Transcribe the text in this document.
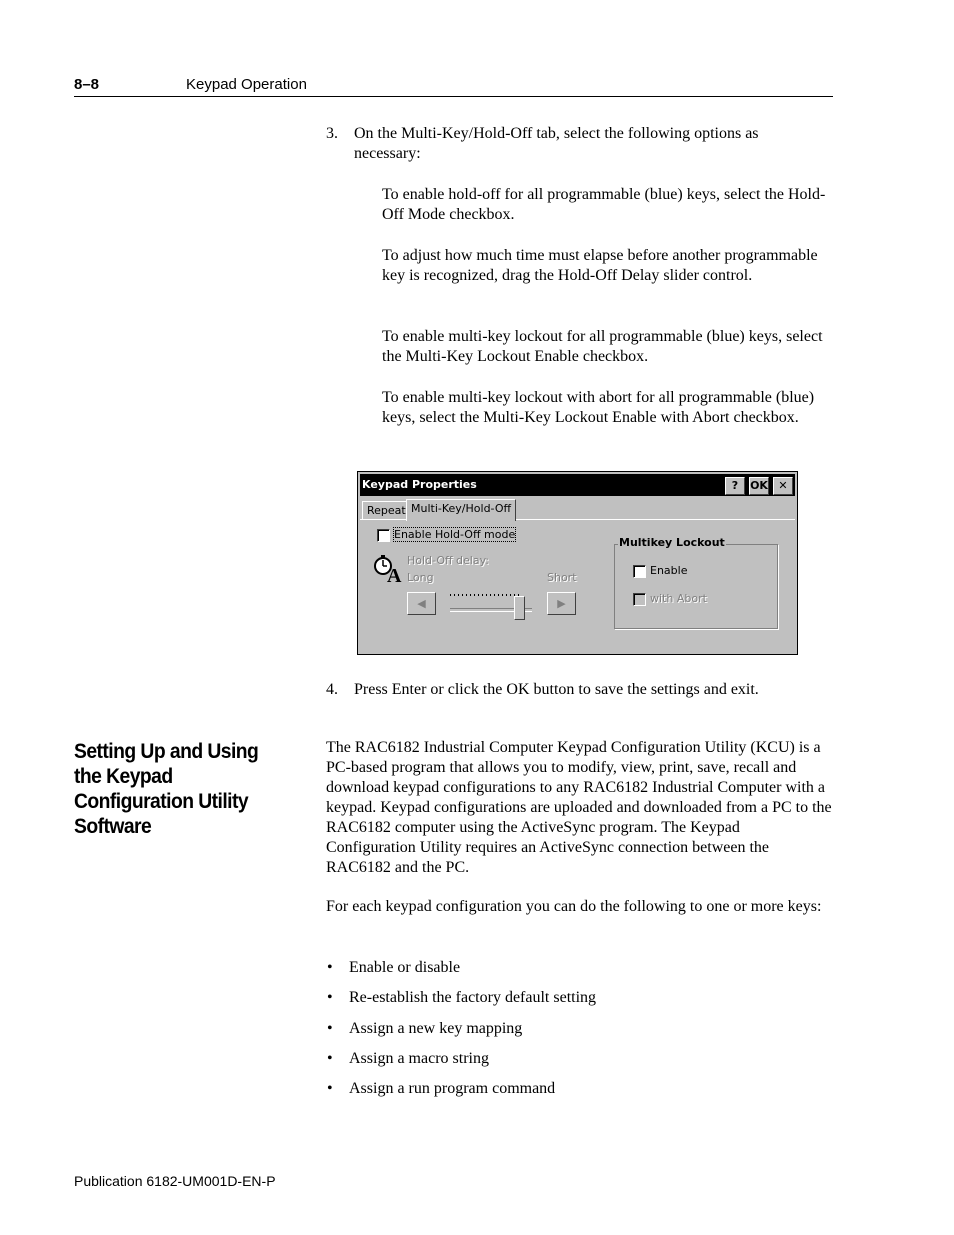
8–8	Keypad Operation
3. On the Multi-Key/Hold-Off tab, select the following options as necessary:
To enable hold-off for all programmable (blue) keys, select the Hold-Off Mode checkbox.
To adjust how much time must elapse before another programmable key is recognized, drag the Hold-Off Delay slider control.
To enable multi-key lockout for all programmable (blue) keys, select the Multi-Key Lockout Enable checkbox.
To enable multi-key lockout with abort for all programmable (blue) keys, select the Multi-Key Lockout Enable with Abort checkbox.
Keypad Properties	?	OK ✕
Repeat Multi-Key/Hold-Off
Enable Hold-Off mode
A
Hold-Off delay:
Long	Short
◀	▶
Multikey Lockout
Enable
with Abort
4. Press Enter or click the OK button to save the settings and exit.
Setting Up and Using the Keypad Configuration Utility Software
The RAC6182 Industrial Computer Keypad Configuration Utility (KCU) is a PC-based program that allows you to modify, view, print, save, recall and download keypad configurations to any RAC6182 Industrial Computer with a keypad. Keypad configurations are uploaded and downloaded from a PC to the RAC6182 computer using the ActiveSync program. The Keypad Configuration Utility requires an ActiveSync connection between the RAC6182 and the PC.
For each keypad configuration you can do the following to one or more keys:
• Enable or disable
• Re-establish the factory default setting
• Assign a new key mapping
• Assign a macro string
• Assign a run program command
Publication 6182-UM001D-EN-P
